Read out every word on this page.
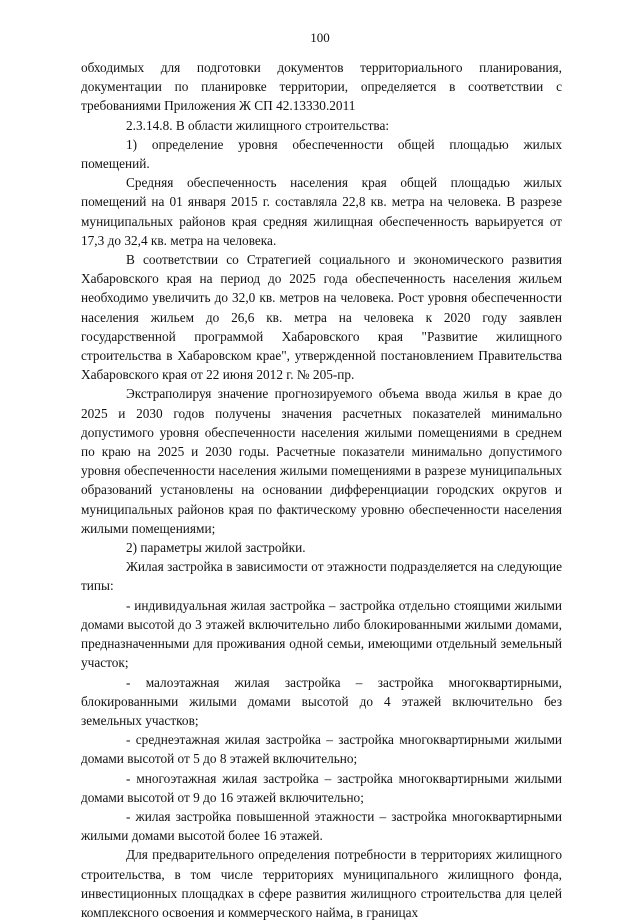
100

обходимых для подготовки документов территориального планирования, документации по планировке территории, определяется в соответствии с требованиями Приложения Ж СП 42.13330.2011

2.3.14.8. В области жилищного строительства:

1) определение уровня обеспеченности общей площадью жилых помещений.

Средняя обеспеченность населения края общей площадью жилых помещений на 01 января 2015 г. составляла 22,8 кв. метра на человека. В разрезе муниципальных районов края средняя жилищная обеспеченность варьируется от 17,3 до 32,4 кв. метра на человека.

В соответствии со Стратегией социального и экономического развития Хабаровского края на период до 2025 года обеспеченность населения жильем необходимо увеличить до 32,0 кв. метров на человека. Рост уровня обеспеченности населения жильем до 26,6 кв. метра на человека к 2020 году заявлен государственной программой Хабаровского края "Развитие жилищного строительства в Хабаровском крае", утвержденной постановлением Правительства Хабаровского края от 22 июня 2012 г. № 205-пр.

Экстраполируя значение прогнозируемого объема ввода жилья в крае до 2025 и 2030 годов получены значения расчетных показателей минимально допустимого уровня обеспеченности населения жилыми помещениями в среднем по краю на 2025 и 2030 годы. Расчетные показатели минимально допустимого уровня обеспеченности населения жилыми помещениями в разрезе муниципальных образований установлены на основании дифференциации городских округов и муниципальных районов края по фактическому уровню обеспеченности населения жилыми помещениями;

2) параметры жилой застройки.

Жилая застройка в зависимости от этажности подразделяется на следующие типы:

- индивидуальная жилая застройка – застройка отдельно стоящими жилыми домами высотой до 3 этажей включительно либо блокированными жилыми домами, предназначенными для проживания одной семьи, имеющими отдельный земельный участок;

- малоэтажная жилая застройка – застройка многоквартирными, блокированными жилыми домами высотой до 4 этажей включительно без земельных участков;

- среднеэтажная жилая застройка – застройка многоквартирными жилыми домами высотой от 5 до 8 этажей включительно;

- многоэтажная жилая застройка – застройка многоквартирными жилыми домами высотой от 9 до 16 этажей включительно;

- жилая застройка повышенной этажности – застройка многоквартирными жилыми домами высотой более 16 этажей.

Для предварительного определения потребности в территориях жилищного строительства, в том числе территориях муниципального жилищного фонда, инвестиционных площадках в сфере развития жилищного строительства для целей комплексного освоения и коммерческого найма, в границах
